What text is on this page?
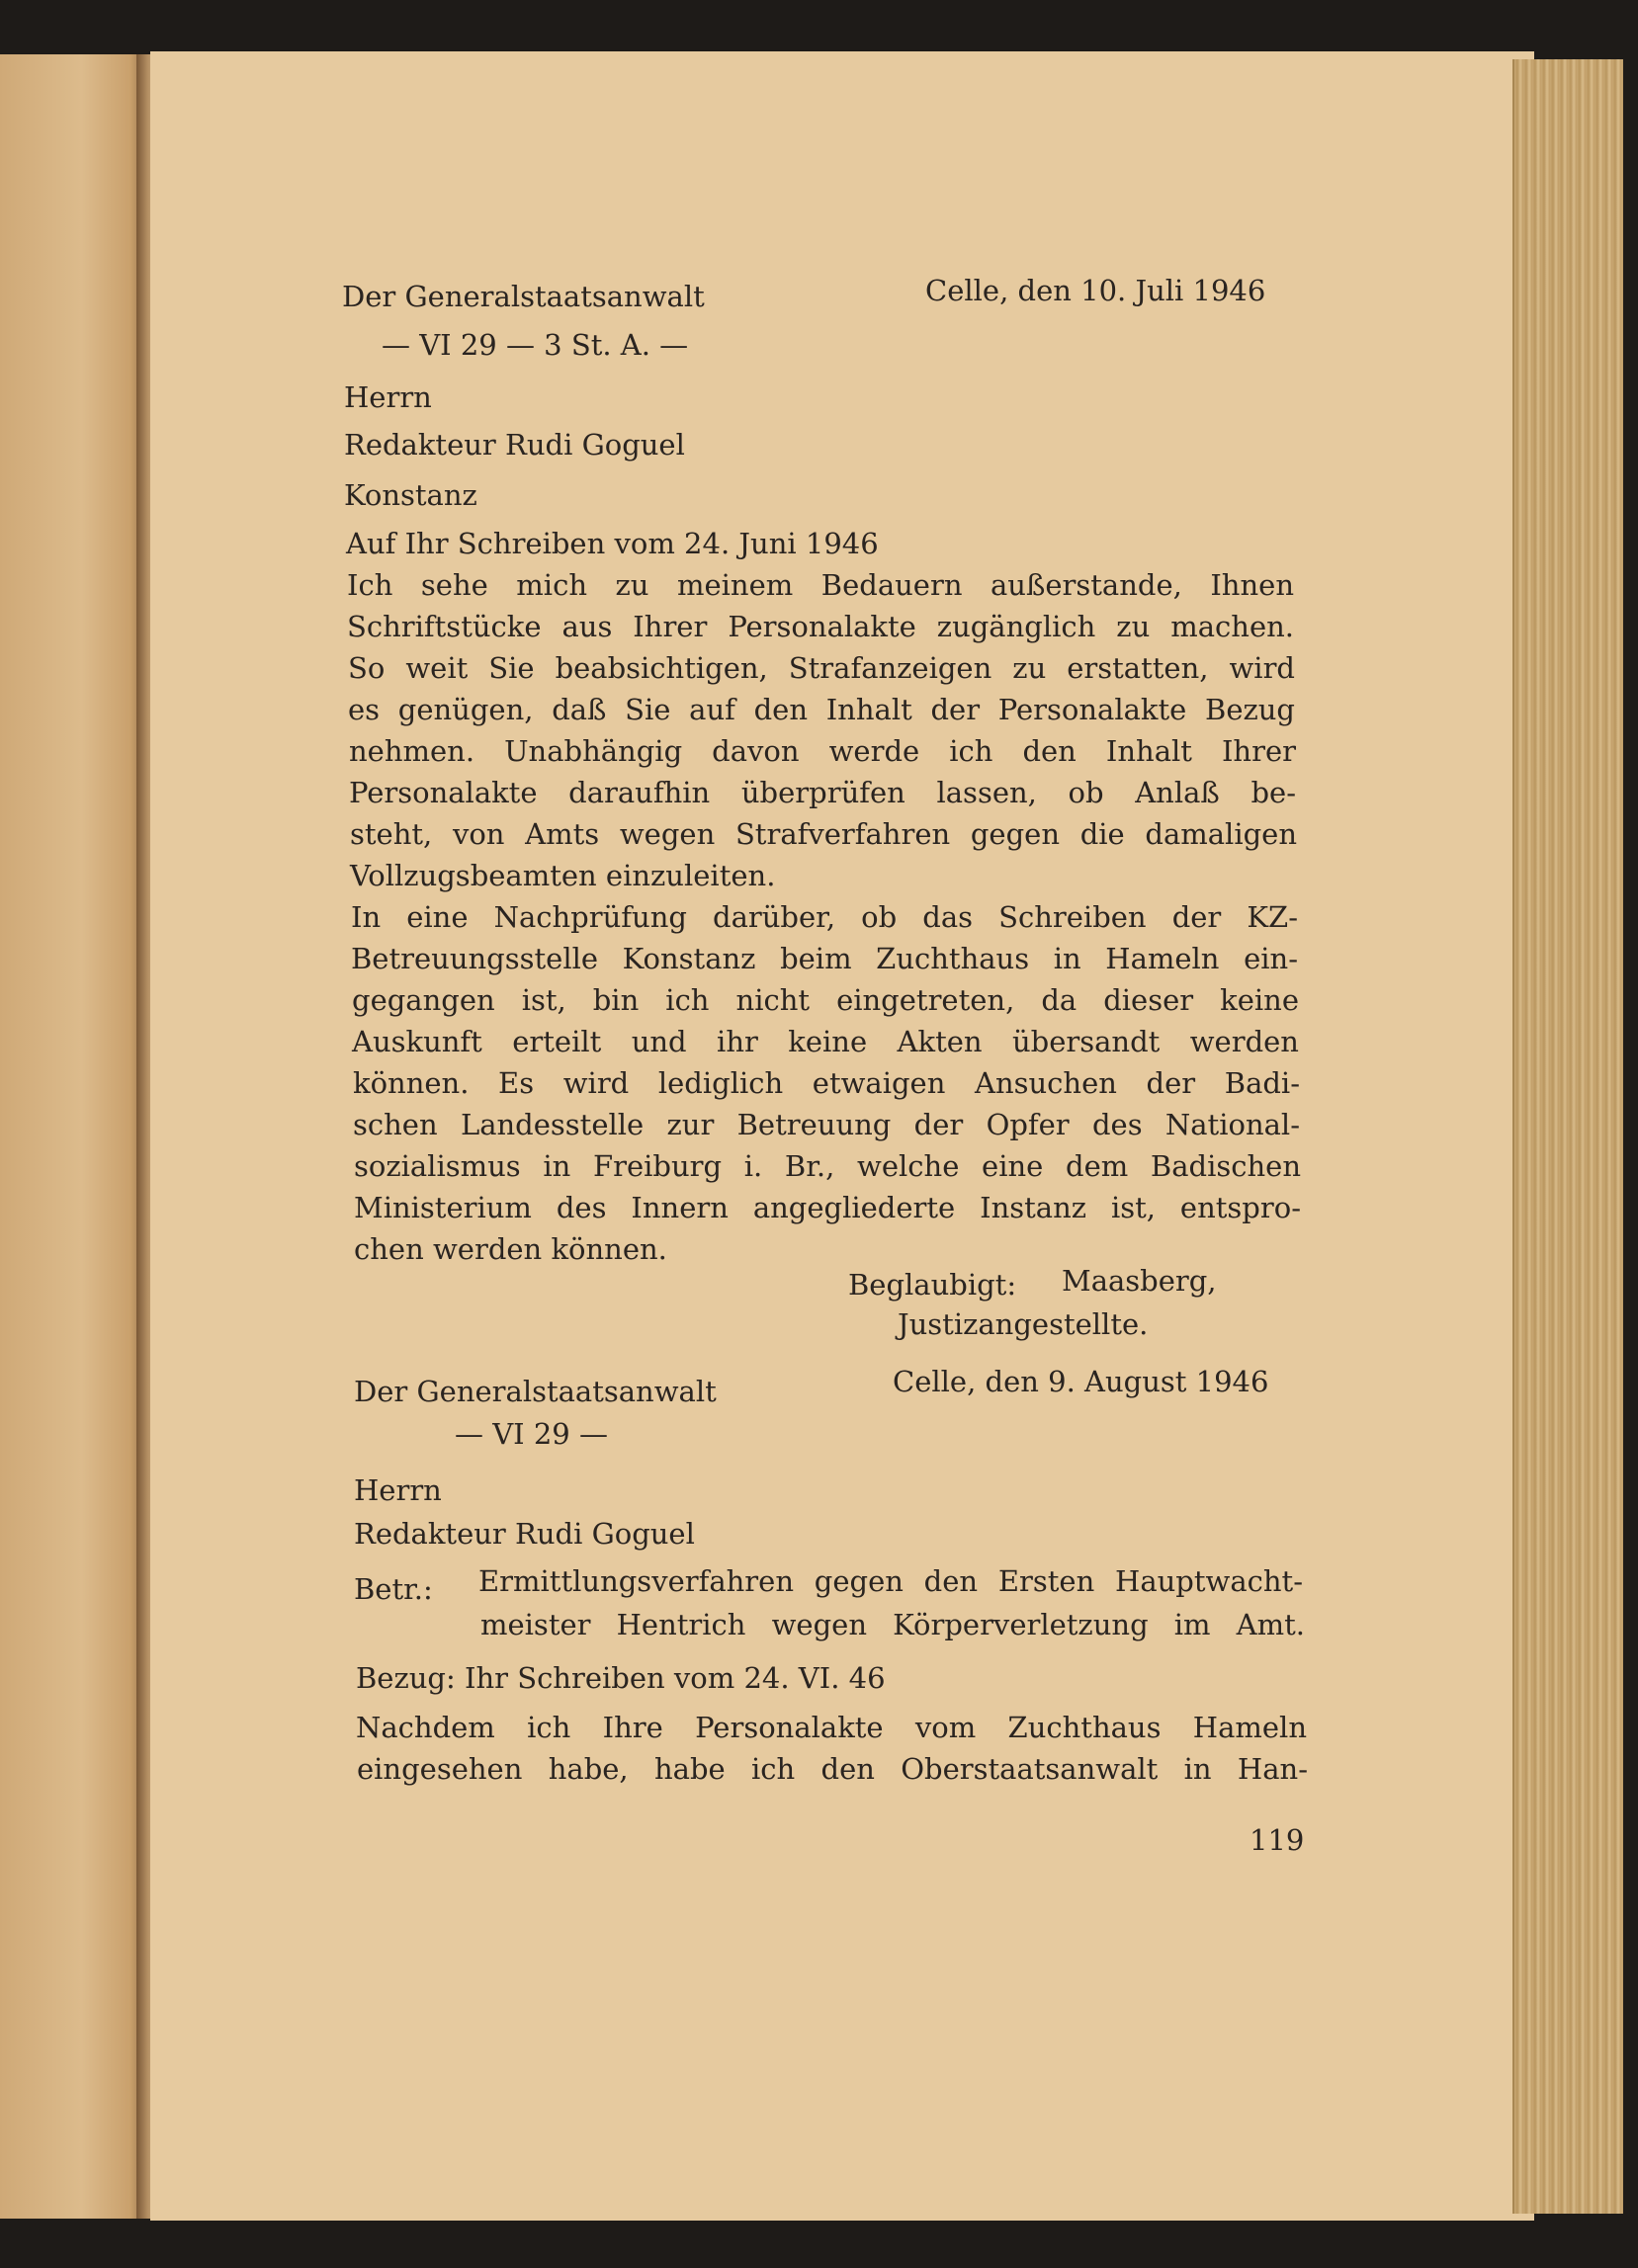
Der Generalstaatsanwalt
— VI 29 — 3 St. A. —
Celle, den 10. Juli 1946
Herrn
Redakteur Rudi Goguel
Konstanz
Auf Ihr Schreiben vom 24. Juni 1946
Ich sehe mich zu meinem Bedauern außerstande, Ihnen
Schriftstücke aus Ihrer Personalakte zugänglich zu machen.
So weit Sie beabsichtigen, Strafanzeigen zu erstatten, wird
es genügen, daß Sie auf den Inhalt der Personalakte Bezug
nehmen. Unabhängig davon werde ich den Inhalt Ihrer
Personalakte daraufhin überprüfen lassen, ob Anlaß be-
steht, von Amts wegen Strafverfahren gegen die damaligen
Vollzugsbeamten einzuleiten.
In eine Nachprüfung darüber, ob das Schreiben der KZ-
Betreuungsstelle Konstanz beim Zuchthaus in Hameln ein-
gegangen ist, bin ich nicht eingetreten, da dieser keine
Auskunft erteilt und ihr keine Akten übersandt werden
können. Es wird lediglich etwaigen Ansuchen der Badi-
schen Landesstelle zur Betreuung der Opfer des National-
sozialismus in Freiburg i. Br., welche eine dem Badischen
Ministerium des Innern angegliederte Instanz ist, entspro-
chen werden können.
Beglaubigt: Maasberg,
Justizangestellte.
Der Generalstaatsanwalt
— VI 29 —
Celle, den 9. August 1946
Herrn
Redakteur Rudi Goguel
Betr.: Ermittlungsverfahren gegen den Ersten Hauptwacht-
meister Hentrich wegen Körperverletzung im Amt.
Bezug: Ihr Schreiben vom 24. VI. 46
Nachdem ich Ihre Personalakte vom Zuchthaus Hameln
eingesehen habe, habe ich den Oberstaatsanwalt in Han-
119
